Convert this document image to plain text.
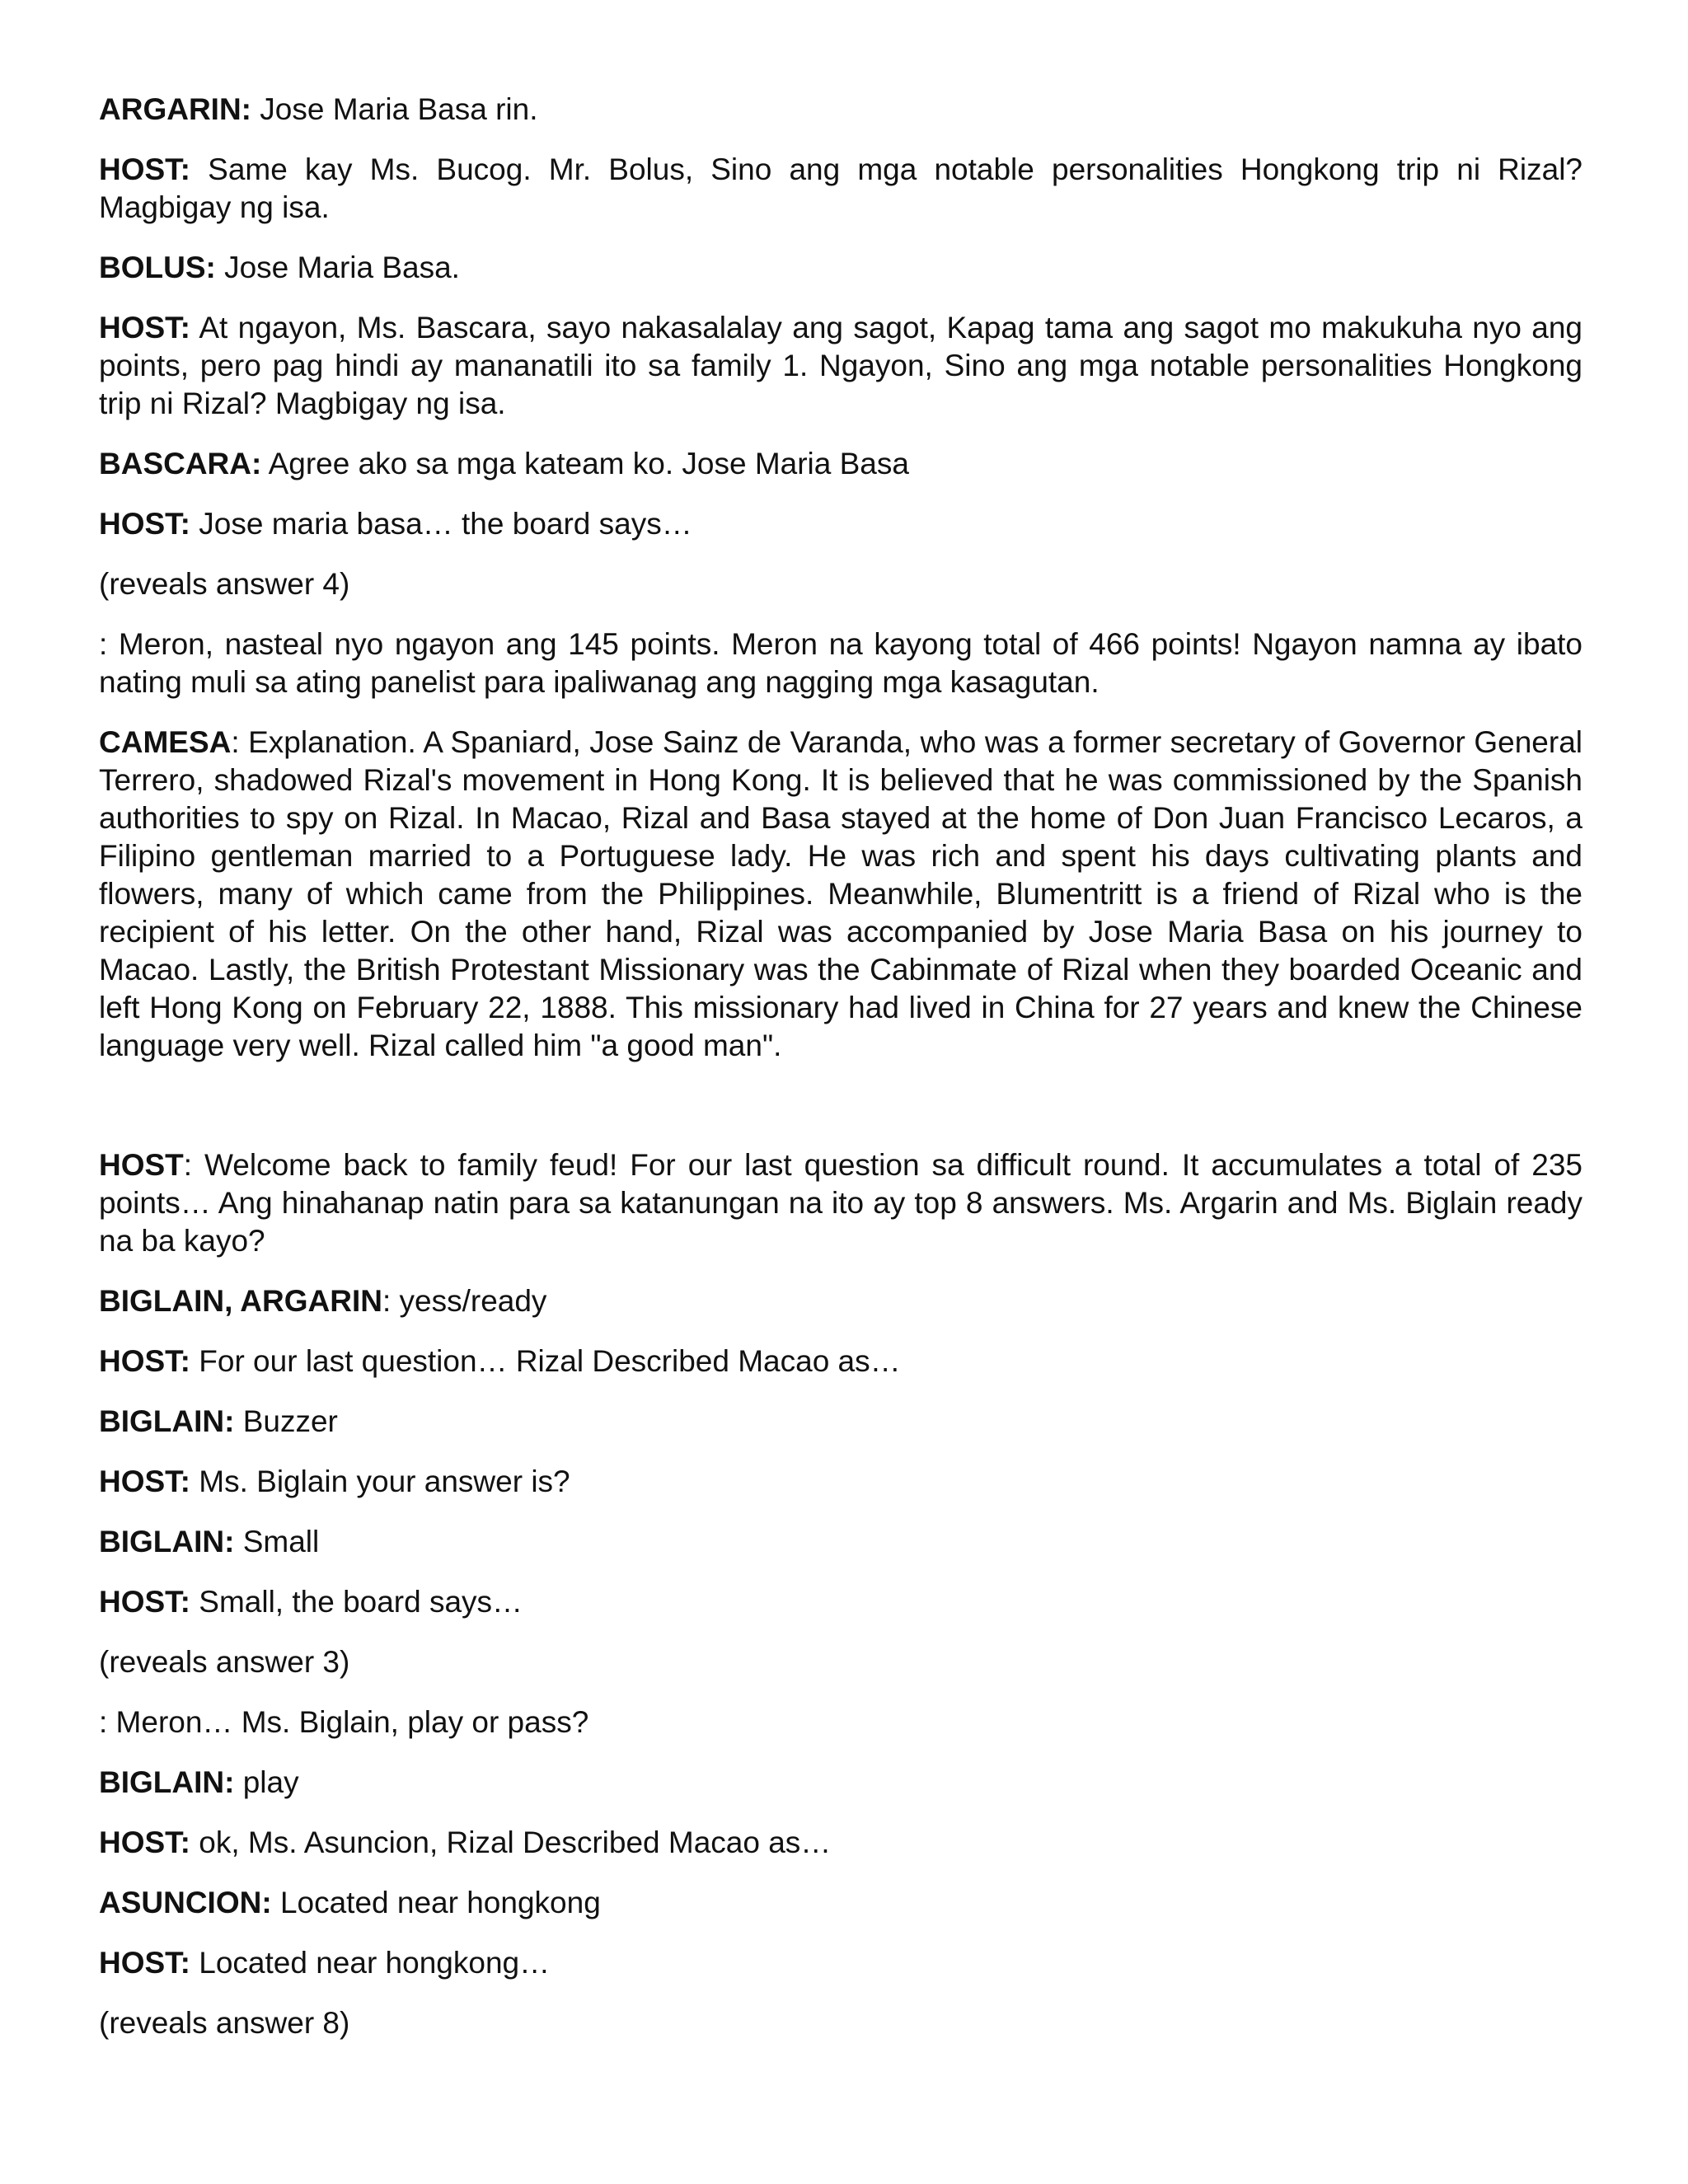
ARGARIN: Jose Maria Basa rin.

HOST: Same kay Ms. Bucog. Mr. Bolus, Sino ang mga notable personalities Hongkong trip ni Rizal? Magbigay ng isa.

BOLUS: Jose Maria Basa.

HOST: At ngayon, Ms. Bascara, sayo nakasalalay ang sagot, Kapag tama ang sagot mo makukuha nyo ang points, pero pag hindi ay mananatili ito sa family 1. Ngayon, Sino ang mga notable personalities Hongkong trip ni Rizal? Magbigay ng isa.

BASCARA: Agree ako sa mga kateam ko. Jose Maria Basa

HOST: Jose maria basa… the board says…

(reveals answer 4)

: Meron, nasteal nyo ngayon ang 145 points. Meron na kayong total of 466 points! Ngayon namna ay ibato nating muli sa ating panelist para ipaliwanag ang nagging mga kasagutan.

CAMESA: Explanation. A Spaniard, Jose Sainz de Varanda, who was a former secretary of Governor General Terrero, shadowed Rizal's movement in Hong Kong. It is believed that he was commissioned by the Spanish authorities to spy on Rizal. In Macao, Rizal and Basa stayed at the home of Don Juan Francisco Lecaros, a Filipino gentleman married to a Portuguese lady. He was rich and spent his days cultivating plants and flowers, many of which came from the Philippines. Meanwhile, Blumentritt is a friend of Rizal who is the recipient of his letter. On the other hand, Rizal was accompanied by Jose Maria Basa on his journey to Macao. Lastly, the British Protestant Missionary was the Cabinmate of Rizal when they boarded Oceanic and left Hong Kong on February 22, 1888. This missionary had lived in China for 27 years and knew the Chinese language very well. Rizal called him "a good man".

HOST: Welcome back to family feud! For our last question sa difficult round. It accumulates a total of 235 points… Ang hinahanap natin para sa katanungan na ito ay top 8 answers. Ms. Argarin and Ms. Biglain ready na ba kayo?

BIGLAIN, ARGARIN: yess/ready

HOST: For our last question… Rizal Described Macao as…

BIGLAIN: Buzzer

HOST: Ms. Biglain your answer is?

BIGLAIN: Small

HOST: Small, the board says…

(reveals answer 3)

: Meron… Ms. Biglain, play or pass?

BIGLAIN: play

HOST: ok, Ms. Asuncion, Rizal Described Macao as…

ASUNCION: Located near hongkong

HOST: Located near hongkong…

(reveals answer 8)
